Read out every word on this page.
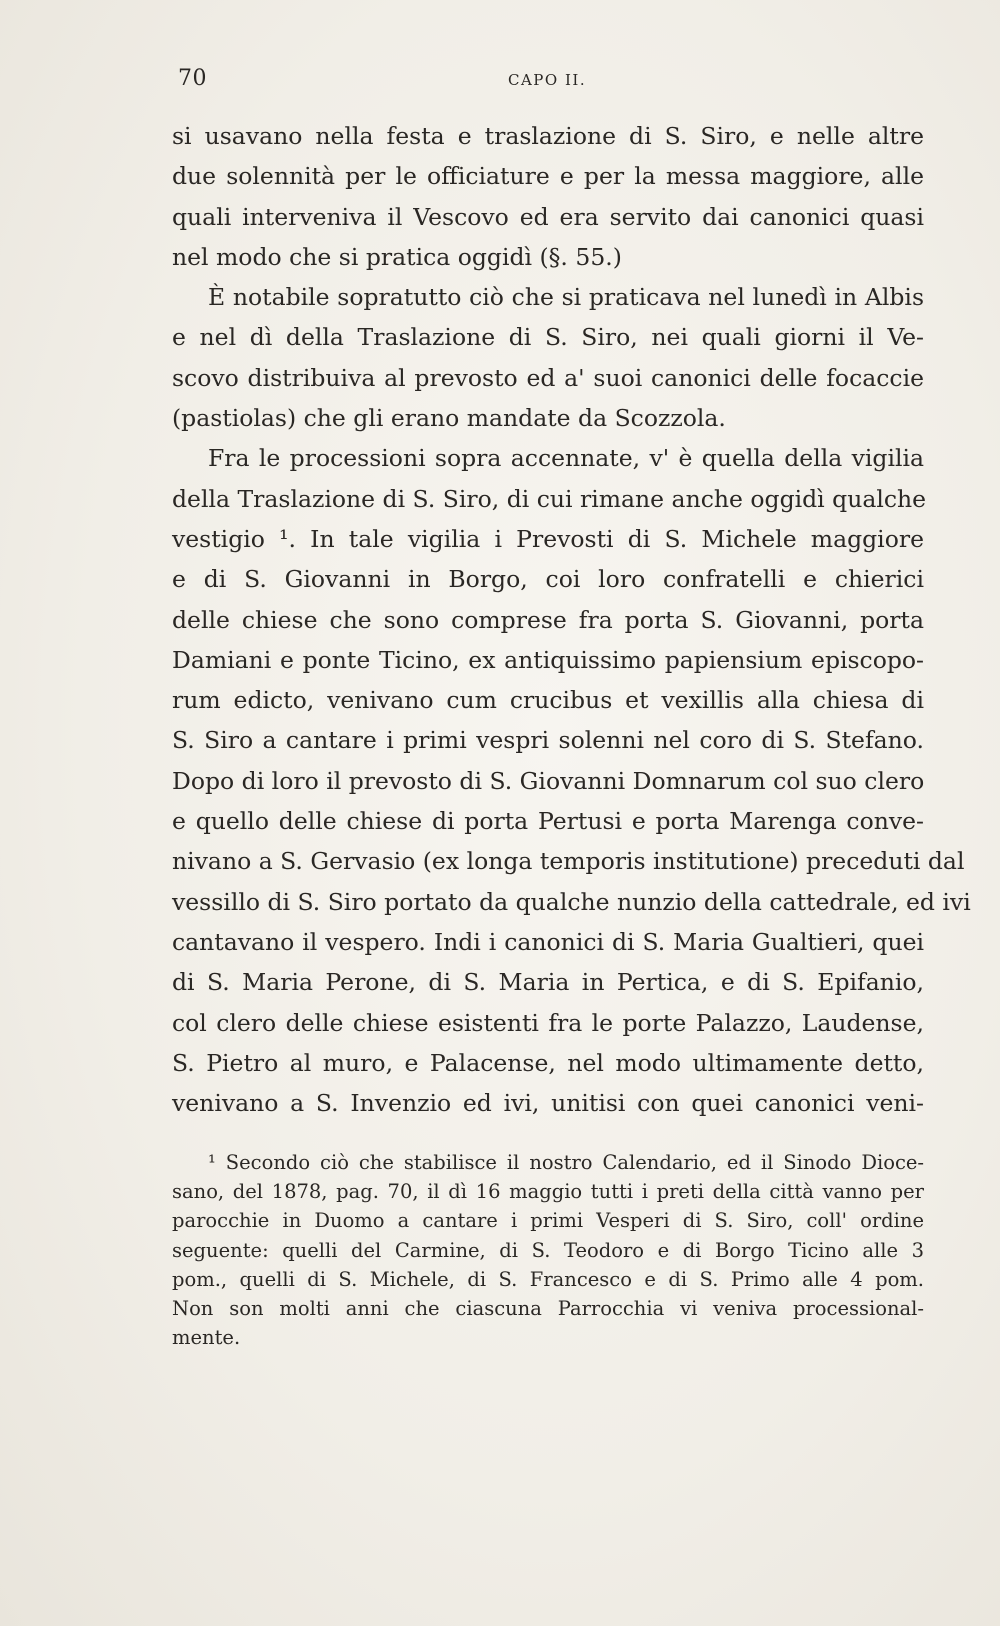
70	CAPO II.
si usavano nella festa e traslazione di S. Siro, e nelle altre
due solennità per le officiature e per la messa maggiore, alle
quali interveniva il Vescovo ed era servito dai canonici quasi
nel modo che si pratica oggidì (§. 55.)
È notabile sopratutto ciò che si praticava nel lunedì in Albis
e nel dì della Traslazione di S. Siro, nei quali giorni il Ve-
scovo distribuiva al prevosto ed a' suoi canonici delle focaccie
(pastiolas) che gli erano mandate da Scozzola.
Fra le processioni sopra accennate, v' è quella della vigilia
della Traslazione di S. Siro, di cui rimane anche oggidì qualche
vestigio ¹. In tale vigilia i Prevosti di S. Michele maggiore
e di S. Giovanni in Borgo, coi loro confratelli e chierici
delle chiese che sono comprese fra porta S. Giovanni, porta
Damiani e ponte Ticino, ex antiquissimo papiensium episcopo-
rum edicto, venivano cum crucibus et vexillis alla chiesa di
S. Siro a cantare i primi vespri solenni nel coro di S. Stefano.
Dopo di loro il prevosto di S. Giovanni Domnarum col suo clero
e quello delle chiese di porta Pertusi e porta Marenga conve-
nivano a S. Gervasio (ex longa temporis institutione) preceduti dal
vessillo di S. Siro portato da qualche nunzio della cattedrale, ed ivi
cantavano il vespero. Indi i canonici di S. Maria Gualtieri, quei
di S. Maria Perone, di S. Maria in Pertica, e di S. Epifanio,
col clero delle chiese esistenti fra le porte Palazzo, Laudense,
S. Pietro al muro, e Palacense, nel modo ultimamente detto,
venivano a S. Invenzio ed ivi, unitisi con quei canonici veni-
¹ Secondo ciò che stabilisce il nostro Calendario, ed il Sinodo Dioce-
sano, del 1878, pag. 70, il dì 16 maggio tutti i preti della città vanno per
parocchie in Duomo a cantare i primi Vesperi di S. Siro, coll' ordine
seguente: quelli del Carmine, di S. Teodoro e di Borgo Ticino alle 3
pom., quelli di S. Michele, di S. Francesco e di S. Primo alle 4 pom.
Non son molti anni che ciascuna Parrocchia vi veniva processional-
mente.
